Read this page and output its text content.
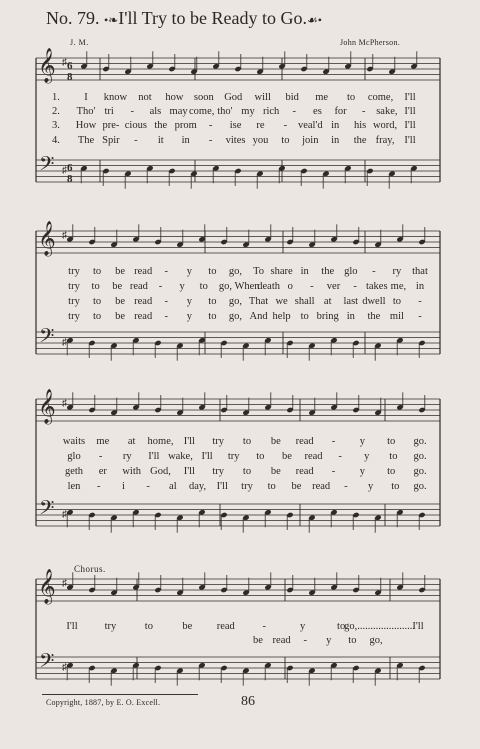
No. 79. •❧I'll Try to be Ready to Go.☙•
J. M.	John McPherson.
𝄞
𝄢
♯
♯
6
8
6
8
𝄞
𝄢
♯
♯
𝄞
𝄢
♯
♯
𝄞
𝄢
♯
♯
1. I know not how soon God will bid me to come, I'll
2. Tho' tri - als may come, tho' my rich - es for - sake, I'll
3. How pre- cious the prom - ise re - veal'd in his word, I'll
4. The Spir - it in - vites you to join in the fray, I'll
try to be read - y to go, To share in the glo - ry that
try to be read - y to go, When
death o - ver - takes me, in
try to be read - y to go, That we shall at last dwell to -
try to be read - y to go, And help to bring in the mil -
waits me at home, I'll try to be read - y to go.
glo - ry I'll wake, I'll try to be read - y to go.
geth er with God, I'll try to be read - y to go.
len - i - al day, I'll try to be read - y to go.
I'll	try	to	be read	-	y	to
go,......................
I'll
be read - y to go,
Chorus.
Copyright, 1887, by E. O. Excell.	86
